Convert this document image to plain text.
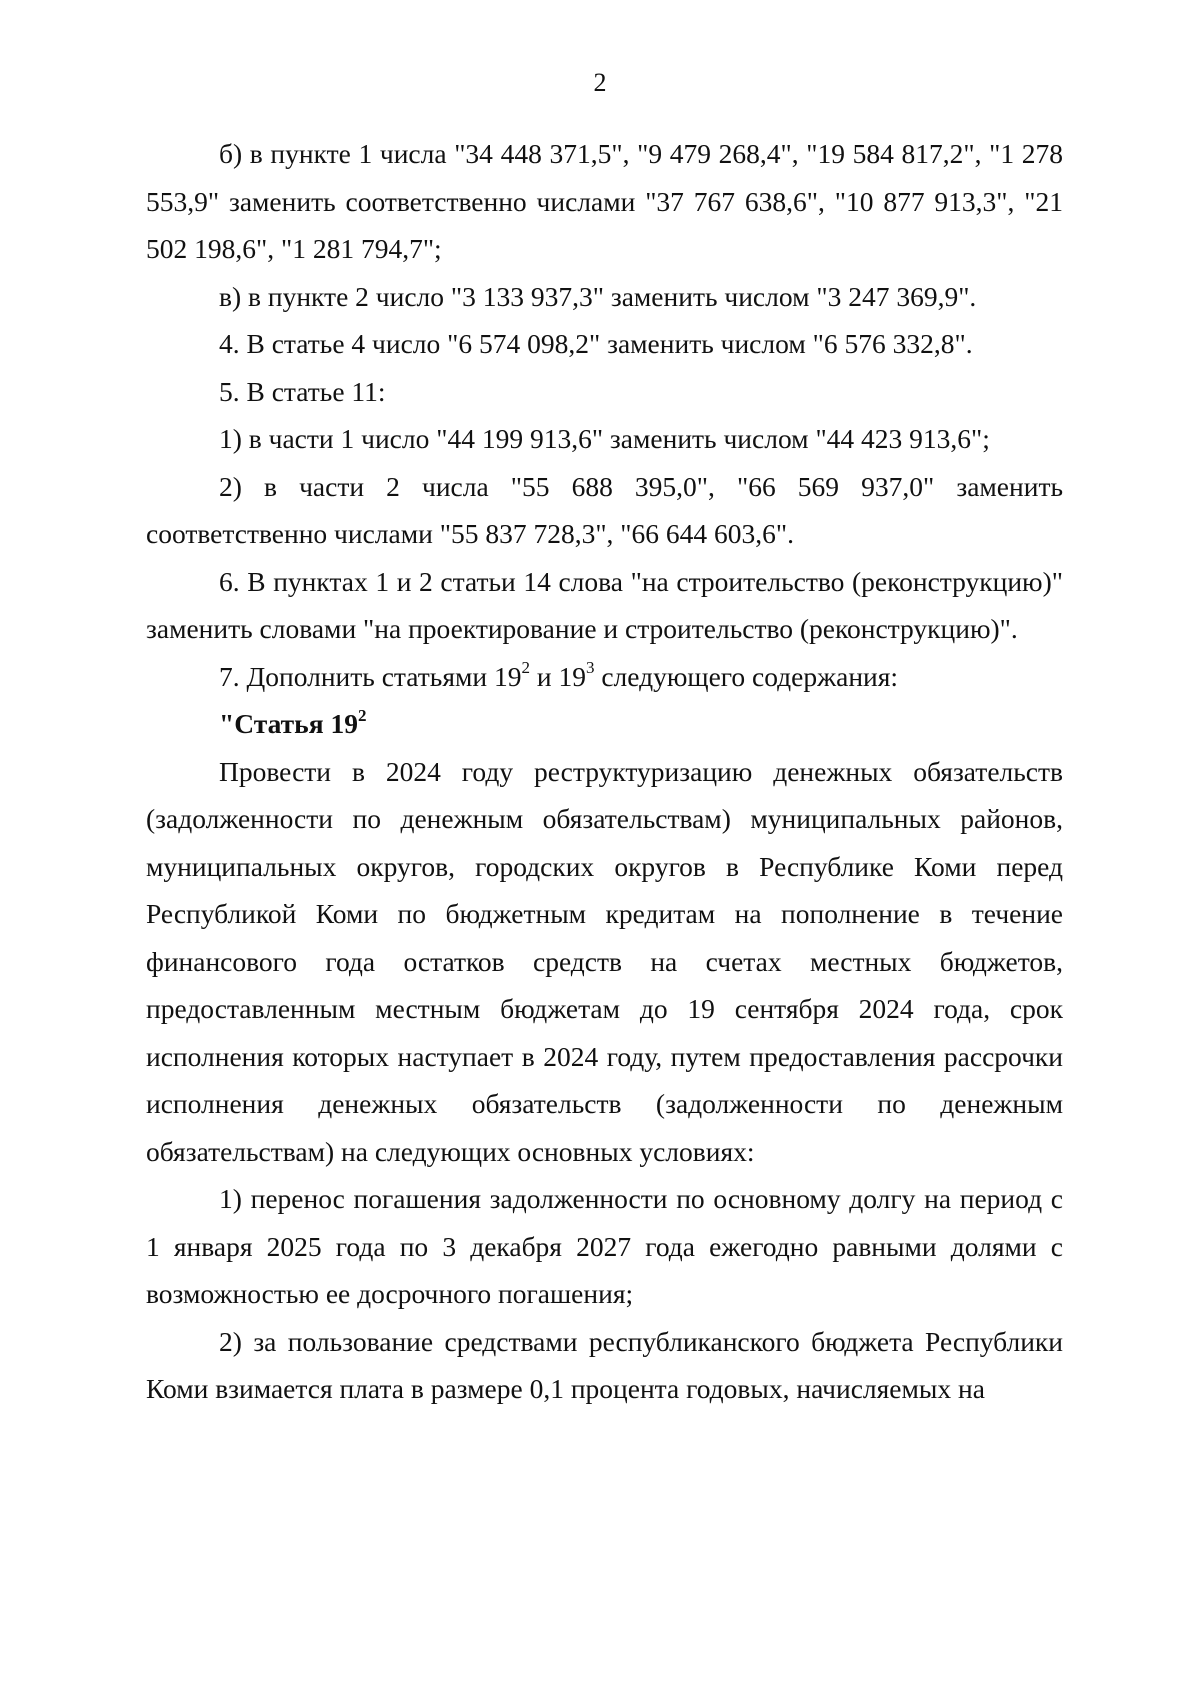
2

б) в пункте 1 числа "34 448 371,5", "9 479 268,4", "19 584 817,2", "1 278 553,9" заменить соответственно числами "37 767 638,6", "10 877 913,3", "21 502 198,6", "1 281 794,7";

в) в пункте 2 число "3 133 937,3" заменить числом "3 247 369,9".

4. В статье 4 число "6 574 098,2" заменить числом "6 576 332,8".

5. В статье 11:

1) в части 1 число "44 199 913,6" заменить числом "44 423 913,6";

2) в части 2 числа "55 688 395,0", "66 569 937,0" заменить соответственно числами "55 837 728,3", "66 644 603,6".

6. В пунктах 1 и 2 статьи 14 слова "на строительство (реконструкцию)" заменить словами "на проектирование и строительство (реконструкцию)".

7. Дополнить статьями $19^2$ и $19^3$ следующего содержания:

"Статья $19^2$

Провести в 2024 году реструктуризацию денежных обязательств (задолженности по денежным обязательствам) муниципальных районов, муниципальных округов, городских округов в Республике Коми перед Республикой Коми по бюджетным кредитам на пополнение в течение финансового года остатков средств на счетах местных бюджетов, предоставленным местным бюджетам до 19 сентября 2024 года, срок исполнения которых наступает в 2024 году, путем предоставления рассрочки исполнения денежных обязательств (задолженности по денежным обязательствам) на следующих основных условиях:

1) перенос погашения задолженности по основному долгу на период с 1 января 2025 года по 3 декабря 2027 года ежегодно равными долями с возможностью ее досрочного погашения;

2) за пользование средствами республиканского бюджета Республики Коми взимается плата в размере 0,1 процента годовых, начисляемых на
